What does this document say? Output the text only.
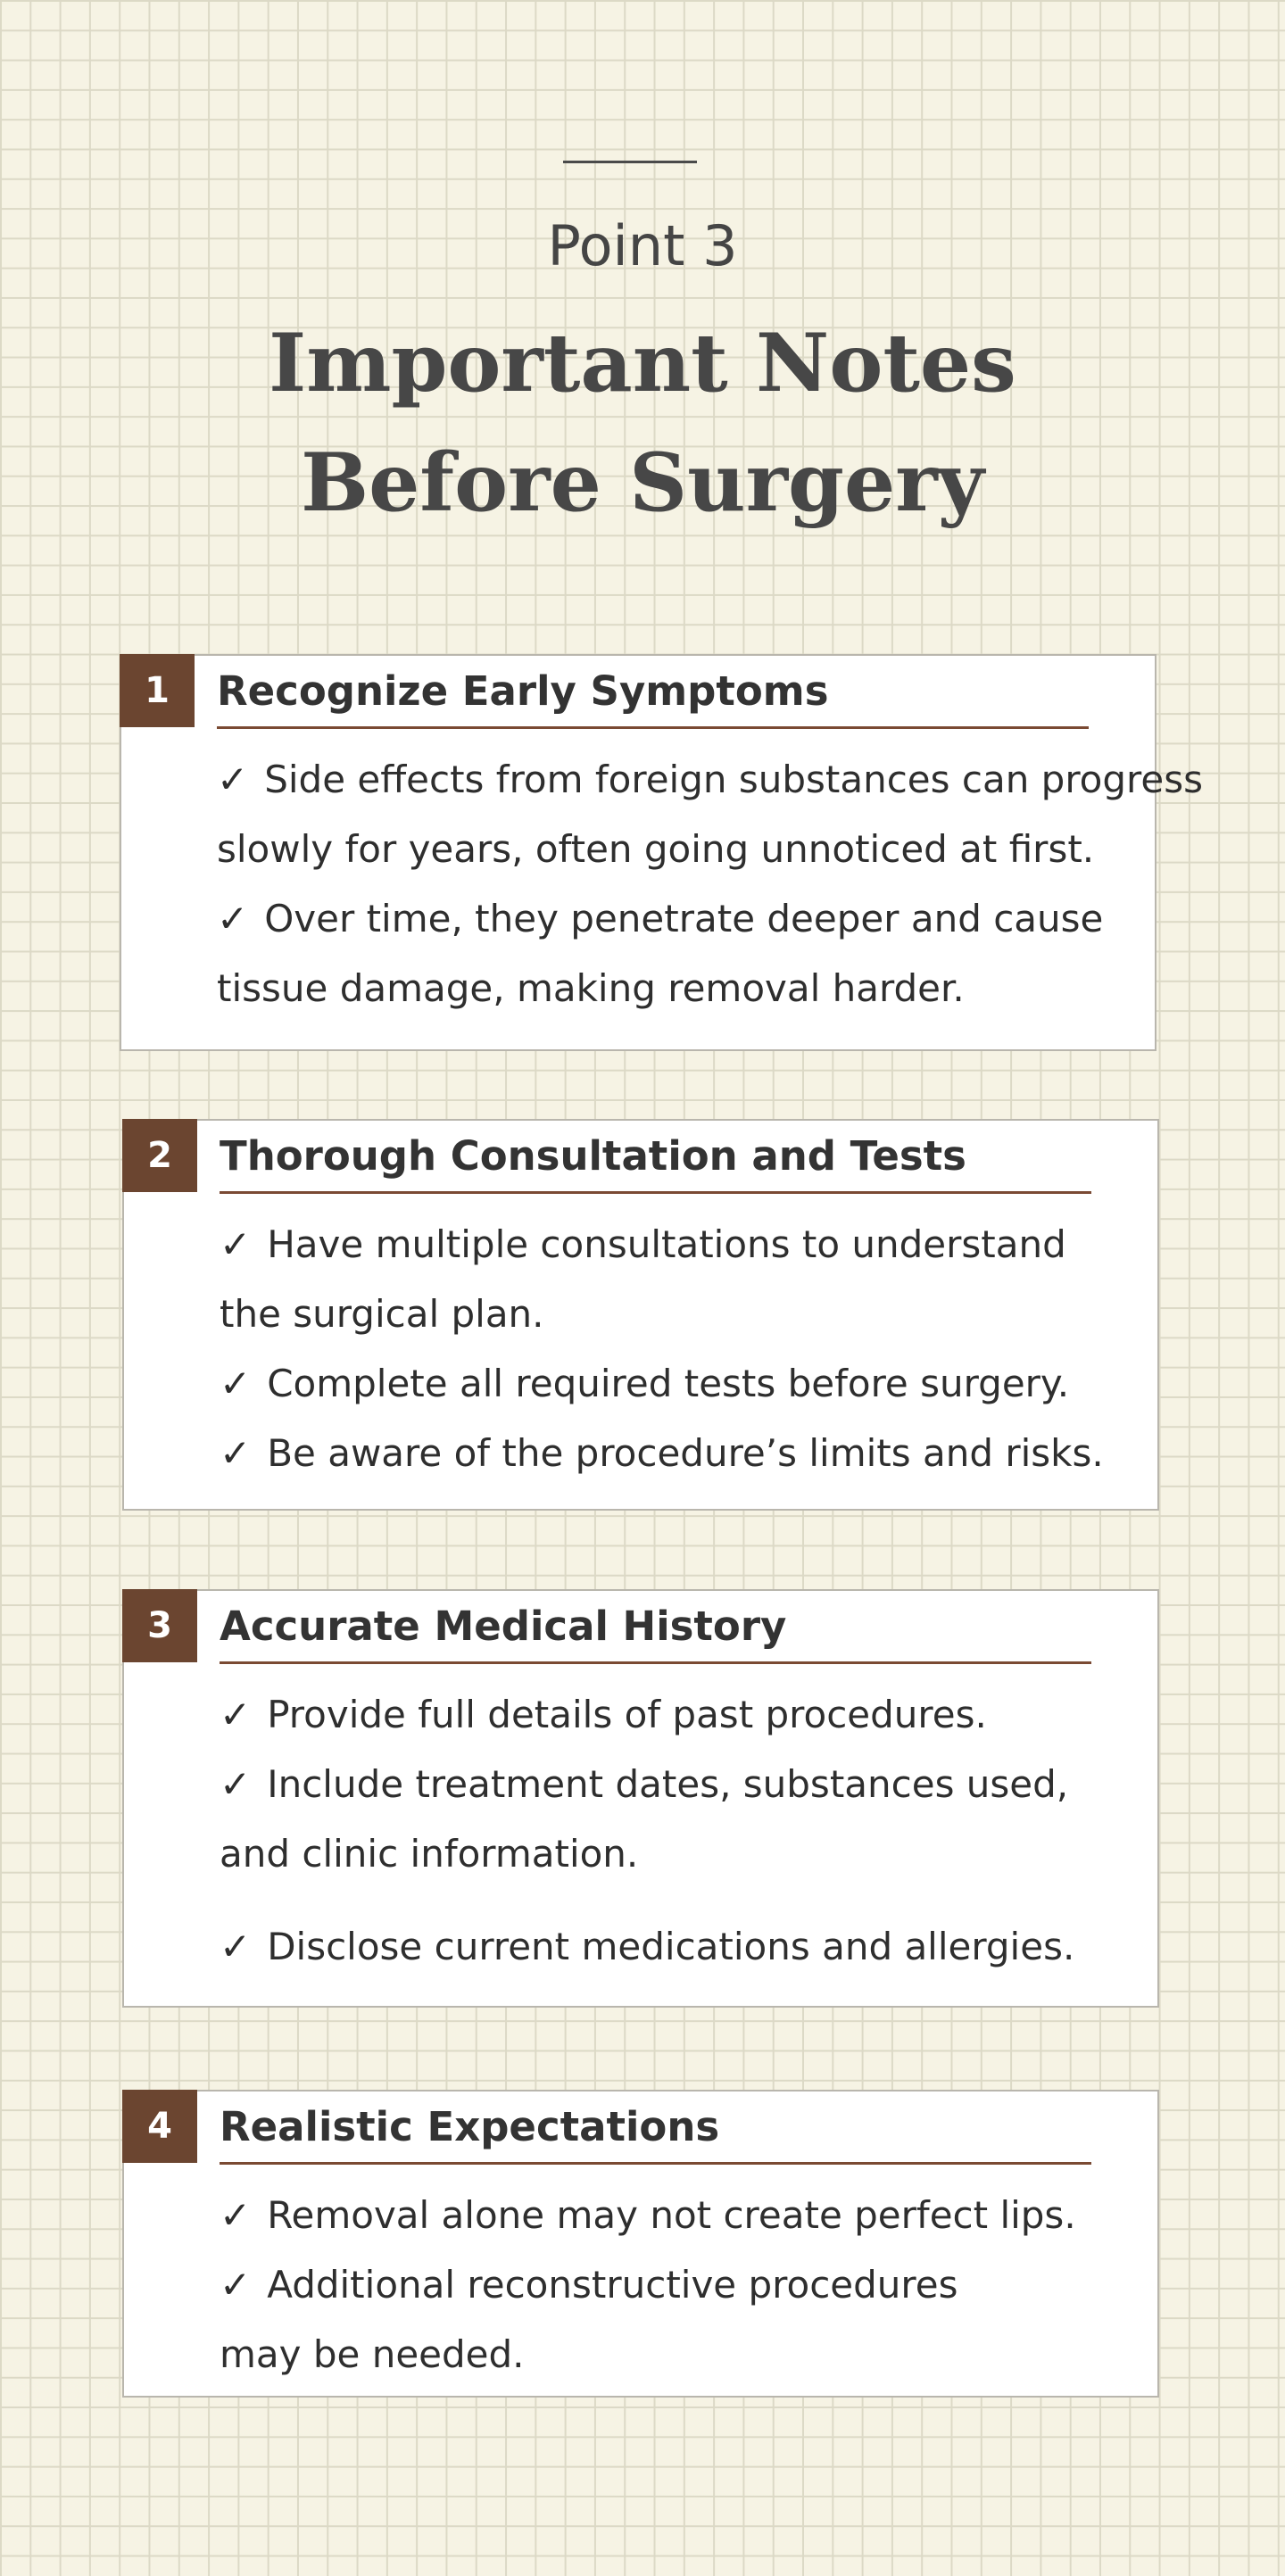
Point 3
Important Notes
Before Surgery
1	Recognize Early Symptoms
✓ Side effects from foreign substances can progress
slowly for years, often going unnoticed at first.
✓ Over time, they penetrate deeper and cause
tissue damage, making removal harder.
2	Thorough Consultation and Tests
✓ Have multiple consultations to understand
the surgical plan.
✓ Complete all required tests before surgery.
✓ Be aware of the procedure’s limits and risks.
3	Accurate Medical History
✓ Provide full details of past procedures.
✓ Include treatment dates, substances used,
and clinic information.
✓ Disclose current medications and allergies.
4	Realistic Expectations
✓ Removal alone may not create perfect lips.
✓ Additional reconstructive procedures
may be needed.
